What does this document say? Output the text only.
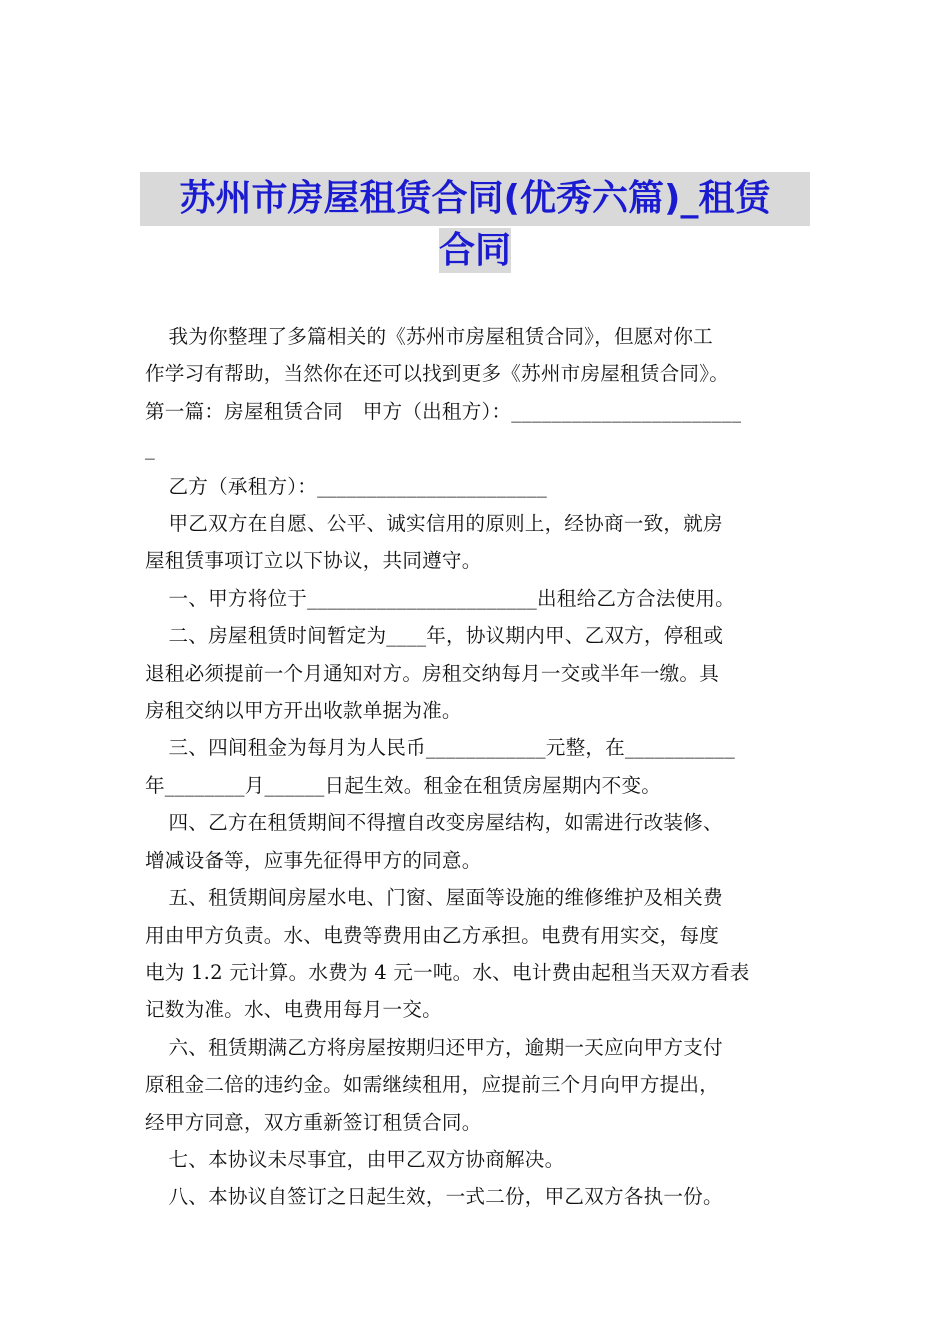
苏州市房屋租赁合同(优秀六篇)_租赁
合同
我为你整理了多篇相关的《苏州市房屋租赁合同》，但愿对你工
作学习有帮助，当然你在还可以找到更多《苏州市房屋租赁合同》。
第一篇：房屋租赁合同　甲方（出租方）：_______________________
_
乙方（承租方）：_______________________
甲乙双方在自愿、公平、诚实信用的原则上，经协商一致，就房
屋租赁事项订立以下协议，共同遵守。
一、甲方将位于_______________________出租给乙方合法使用。
二、房屋租赁时间暂定为____年，协议期内甲、乙双方，停租或
退租必须提前一个月通知对方。房租交纳每月一交或半年一缴。具
房租交纳以甲方开出收款单据为准。
三、四间租金为每月为人民币____________元整，在___________
年________月______日起生效。租金在租赁房屋期内不变。
四、乙方在租赁期间不得擅自改变房屋结构，如需进行改装修、
增减设备等，应事先征得甲方的同意。
五、租赁期间房屋水电、门窗、屋面等设施的维修维护及相关费
用由甲方负责。水、电费等费用由乙方承担。电费有用实交，每度
电为 1.2 元计算。水费为 4 元一吨。水、电计费由起租当天双方看表
记数为准。水、电费用每月一交。
六、租赁期满乙方将房屋按期归还甲方，逾期一天应向甲方支付
原租金二倍的违约金。如需继续租用，应提前三个月向甲方提出，
经甲方同意，双方重新签订租赁合同。
七、本协议未尽事宜，由甲乙双方协商解决。
八、本协议自签订之日起生效，一式二份，甲乙双方各执一份。
